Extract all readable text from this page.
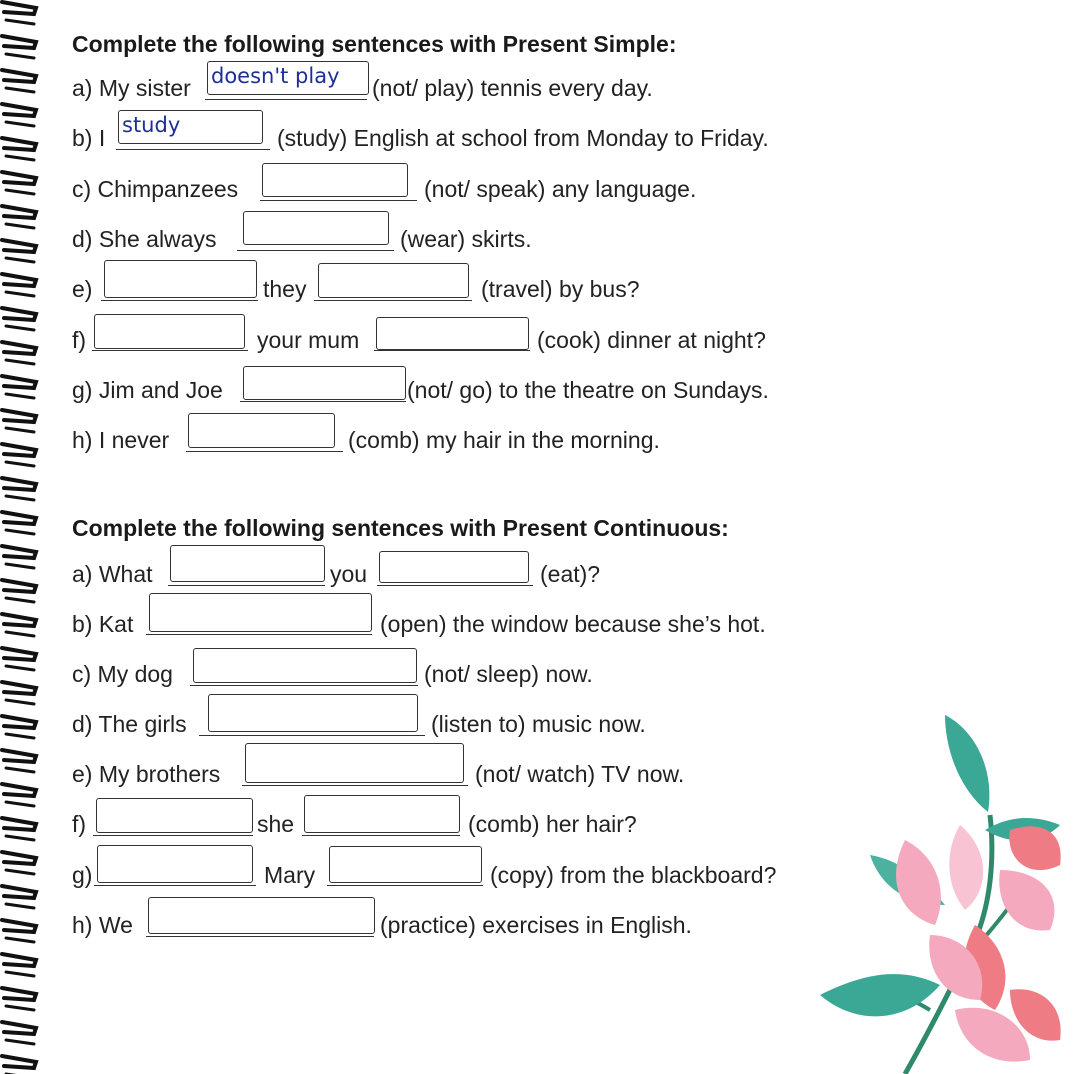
Complete the following sentences with Present Simple:
a) My sister doesn't play	(not/ play) tennis every day.
b) I study	(study) English at school from Monday to Friday.
c) Chimpanzees	(not/ speak) any language.
d) She always	(wear) skirts.
e)	they	(travel) by bus?
f)	your mum	(cook) dinner at night?
g) Jim and Joe	(not/ go) to the theatre on Sundays.
h) I never	(comb) my hair in the morning.
Complete the following sentences with Present Continuous:
a) What	you	(eat)?
b) Kat	(open) the window because she’s hot.
c) My dog	(not/ sleep) now.
d) The girls	(listen to) music now.
e) My brothers	(not/ watch) TV now.
f)	she	(comb) her hair?
g)	Mary	(copy) from the blackboard?
h) We	(practice) exercises in English.
